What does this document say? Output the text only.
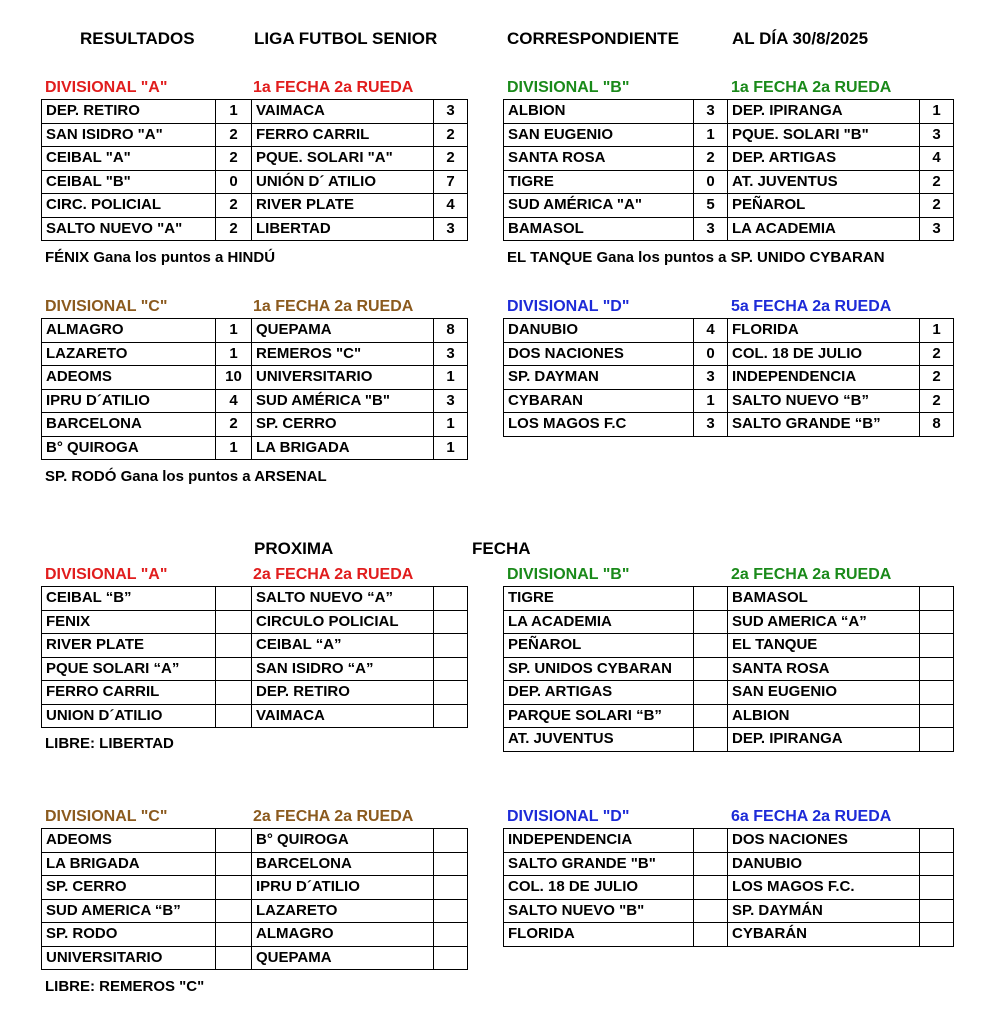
RESULTADOS	LIGA FUTBOL SENIOR	CORRESPONDIENTE	AL DÍA 30/8/2025
DIVISIONAL "A"	1a FECHA 2a RUEDA
DEP. RETIRO	1	VAIMACA	3
SAN ISIDRO "A"	2	FERRO CARRIL	2
CEIBAL "A"	2	PQUE. SOLARI "A"	2
CEIBAL "B"	0	UNIÓN D´ ATILIO	7
CIRC. POLICIAL	2	RIVER PLATE	4
SALTO NUEVO "A"	2	LIBERTAD	3
FÉNIX Gana los puntos a HINDÚ
DIVISIONAL "B"	1a FECHA 2a RUEDA
ALBION	3	DEP. IPIRANGA	1
SAN EUGENIO	1	PQUE. SOLARI "B"	3
SANTA ROSA	2	DEP. ARTIGAS	4
TIGRE	0	AT. JUVENTUS	2
SUD AMÉRICA "A"	5	PEÑAROL	2
BAMASOL	3	LA ACADEMIA	3
EL TANQUE Gana los puntos a SP. UNIDO CYBARAN
DIVISIONAL "C"	1a FECHA 2a RUEDA
ALMAGRO	1	QUEPAMA	8
LAZARETO	1	REMEROS "C"	3
ADEOMS	10	UNIVERSITARIO	1
IPRU D´ATILIO	4	SUD AMÉRICA "B"	3
BARCELONA	2	SP. CERRO	1
B° QUIROGA	1	LA BRIGADA	1
SP. RODÓ Gana los puntos a ARSENAL
DIVISIONAL "D"	5a FECHA 2a RUEDA
DANUBIO	4	FLORIDA	1
DOS NACIONES	0	COL. 18 DE JULIO	2
SP. DAYMAN	3	INDEPENDENCIA	2
CYBARAN	1	SALTO NUEVO “B”	2
LOS MAGOS F.C	3	SALTO GRANDE “B”	8
PROXIMA	FECHA
DIVISIONAL "A"	2a FECHA 2a RUEDA
CEIBAL “B”		SALTO NUEVO “A”	
FENIX		CIRCULO POLICIAL	
RIVER PLATE		CEIBAL “A”	
PQUE SOLARI “A”		SAN ISIDRO “A”	
FERRO CARRIL		DEP. RETIRO	
UNION D´ATILIO		VAIMACA	
LIBRE: LIBERTAD
DIVISIONAL "B"	2a FECHA 2a RUEDA
TIGRE		BAMASOL	
LA ACADEMIA		SUD AMERICA “A”	
PEÑAROL		EL TANQUE	
SP. UNIDOS CYBARAN		SANTA ROSA	
DEP. ARTIGAS		SAN EUGENIO	
PARQUE SOLARI “B”		ALBION	
AT. JUVENTUS		DEP. IPIRANGA	
DIVISIONAL "C"	2a FECHA 2a RUEDA
ADEOMS		B° QUIROGA	
LA BRIGADA		BARCELONA	
SP. CERRO		IPRU D´ATILIO	
SUD AMERICA “B”		LAZARETO	
SP. RODO		ALMAGRO	
UNIVERSITARIO		QUEPAMA	
LIBRE: REMEROS "C"
DIVISIONAL "D"	6a FECHA 2a RUEDA
INDEPENDENCIA		DOS NACIONES	
SALTO GRANDE "B"		DANUBIO	
COL. 18 DE JULIO		LOS MAGOS F.C.	
SALTO NUEVO "B"		SP. DAYMÁN	
FLORIDA		CYBARÁN	
